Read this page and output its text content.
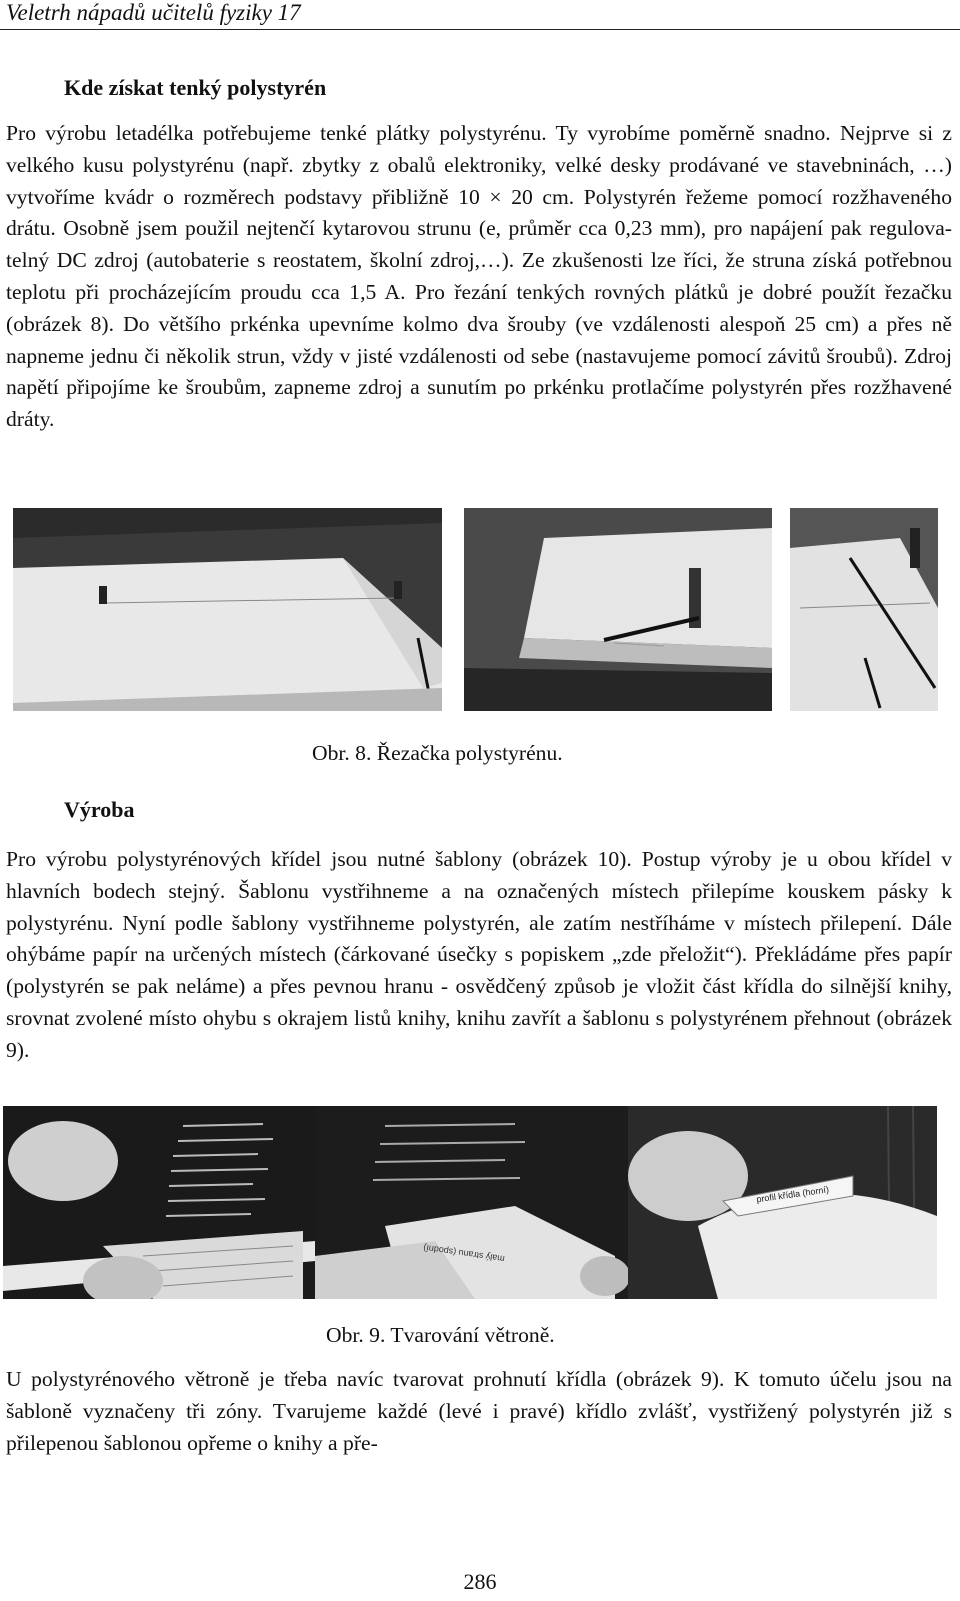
Veletrh nápadů učitelů fyziky 17
Kde získat tenký polystyrén

Pro výrobu letadélka potřebujeme tenké plátky polystyrénu. Ty vyrobíme poměrně snadno. Nejprve si z velkého kusu polystyrénu (např. zbytky z obalů elektroniky, velké desky prodávané ve stavebninách, …) vytvoříme kvádr o rozměrech podstavy přibližně 10 × 20 cm. Polystyrén řežeme pomocí rozžhaveného drátu. Osobně jsem použil nejtenčí kytarovou strunu (e, průměr cca 0,23 mm), pro napájení pak regulovatelný DC zdroj (autobaterie s reostatem, školní zdroj,…). Ze zkušenosti lze říci, že struna získá potřebnou teplotu při procházejícím proudu cca 1,5 A. Pro řezání tenkých rovných plátků je dobré použít řezačku (obrázek 8). Do většího prkénka upevníme kolmo dva šrouby (ve vzdálenosti alespoň 25 cm) a přes ně napneme jednu či několik strun, vždy v jisté vzdálenosti od sebe (nastavujeme pomocí závitů šroubů). Zdroj napětí připojíme ke šroubům, zapneme zdroj a sunutím po prkénku protlačíme polystyrén přes rozžhavené dráty.

Obr. 8. Řezačka polystyrénu.

Výroba

Pro výrobu polystyrénových křídel jsou nutné šablony (obrázek 10). Postup výroby je u obou křídel v hlavních bodech stejný. Šablonu vystřihneme a na označených místech přilepíme kouskem pásky k polystyrénu. Nyní podle šablony vystřihneme polystyrén, ale zatím nestříháme v místech přilepení. Dále ohýbáme papír na určených místech (čárkované úsečky s popiskem „zde přeložit“). Překládáme přes papír (polystyrén se pak neláme) a přes pevnou hranu - osvědčený způsob je vložit část křídla do silnější knihy, srovnat zvolené místo ohybu s okrajem listů knihy, knihu zavřít a šablonu s polystyrénem přehnout (obrázek 9).

malý stranu (spodní)
profil křídla (horní)

Obr. 9. Tvarování větroně.

U polystyrénového větroně je třeba navíc tvarovat prohnutí křídla (obrázek 9). K tomuto účelu jsou na šabloně vyznačeny tři zóny. Tvarujeme každé (levé i pravé) křídlo zvlášť, vystřižený polystyrén již s přilepenou šablonou opřeme o knihy a pře-

286
